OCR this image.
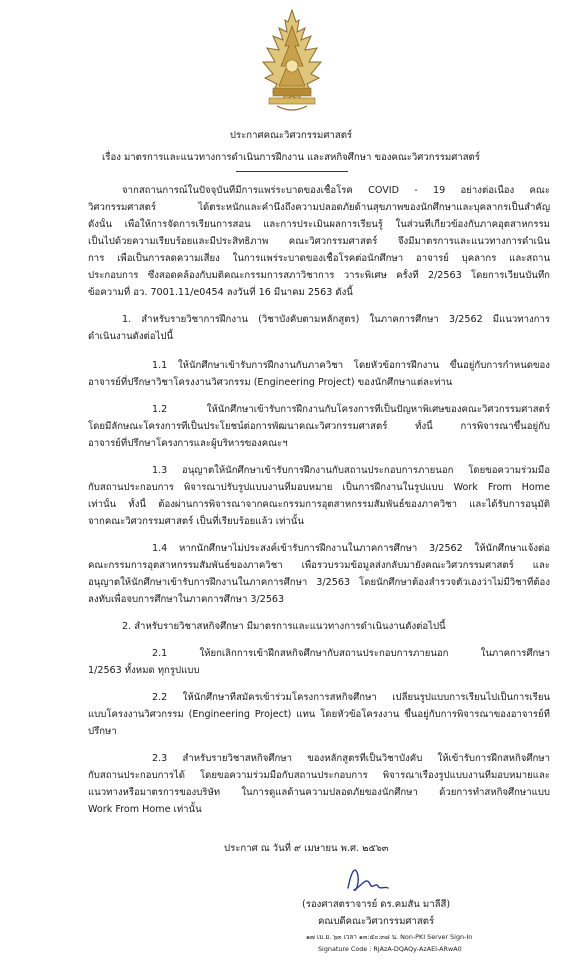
ประกาศคณะวิศวกรรมศาสตร์
เรื่อง มาตรการและแนวทางการดำเนินการฝึกงาน และสหกิจศึกษา ของคณะวิศวกรรมศาสตร์
จากสถานการณ์ในปัจจุบันที่มีการแพร่ระบาดของเชื้อโรค COVID - 19 อย่างต่อเนื่อง คณะ
วิศวกรรมศาสตร์ ได้ตระหนักและคำนึงถึงความปลอดภัยด้านสุขภาพของนักศึกษาและบุคลากรเป็นสำคัญ
ดังนั้น เพื่อให้การจัดการเรียนการสอน และการประเมินผลการเรียนรู้ ในส่วนที่เกี่ยวข้องกับภาคอุตสาหกรรม
เป็นไปด้วยความเรียบร้อยและมีประสิทธิภาพ คณะวิศวกรรมศาสตร์ จึงมีมาตรการและแนวทางการดำเนิน
การ เพื่อเป็นการลดความเสี่ยง ในการแพร่ระบาดของเชื้อโรคต่อนักศึกษา อาจารย์ บุคลากร และสถาน
ประกอบการ ซึ่งสอดคล้องกับมติคณะกรรมการสภาวิชาการ วาระพิเศษ ครั้งที่ 2/2563 โดยการเวียนบันทึก
ข้อความที่ อว. 7001.11/e0454 ลงวันที่ 16 มีนาคม 2563 ดังนี้
1. สำหรับรายวิชาการฝึกงาน (วิชาบังคับตามหลักสูตร) ในภาคการศึกษา 3/2562 มีแนวทางการ
ดำเนินงานดังต่อไปนี้
1.1 ให้นักศึกษาเข้ารับการฝึกงานกับภาควิชา โดยหัวข้อการฝึกงาน ขึ้นอยู่กับการกำหนดของ
อาจารย์ที่ปรึกษาวิชาโครงงานวิศวกรรม (Engineering Project) ของนักศึกษาแต่ละท่าน
1.2 ให้นักศึกษาเข้ารับการฝึกงานกับโครงการที่เป็นปัญหาพิเศษของคณะวิศวกรรมศาสตร์
โดยมีลักษณะโครงการที่เป็นประโยชน์ต่อการพัฒนาคณะวิศวกรรมศาสตร์ ทั้งนี้ การพิจารณาขึ้นอยู่กับ
อาจารย์ที่ปรึกษาโครงการและผู้บริหารของคณะฯ
1.3 อนุญาตให้นักศึกษาเข้ารับการฝึกงานกับสถานประกอบการภายนอก โดยขอความร่วมมือ
กับสถานประกอบการ พิจารณาปรับรูปแบบงานที่มอบหมาย เป็นการฝึกงานในรูปแบบ Work From Home
เท่านั้น ทั้งนี้ ต้องผ่านการพิจารณาจากคณะกรรมการอุตสาหกรรมสัมพันธ์ของภาควิชา และได้รับการอนุมัติ
จากคณะวิศวกรรมศาสตร์ เป็นที่เรียบร้อยแล้ว เท่านั้น
1.4 หากนักศึกษาไม่ประสงค์เข้ารับการฝึกงานในภาคการศึกษา 3/2562 ให้นักศึกษาแจ้งต่อ
คณะกรรมการอุตสาหกรรมสัมพันธ์ของภาควิชา เพื่อรวบรวมข้อมูลส่งกลับมายังคณะวิศวกรรมศาสตร์ และ
อนุญาตให้นักศึกษาเข้ารับการฝึกงานในภาคการศึกษา 3/2563 โดยนักศึกษาต้องสำรวจตัวเองว่าไม่มีวิชาที่ต้อง
ลงทับเพื่อจบการศึกษาในภาคการศึกษา 3/2563
2. สำหรับรายวิชาสหกิจศึกษา มีมาตรการและแนวทางการดำเนินงานดังต่อไปนี้
2.1 ให้ยกเลิกการเข้าฝึกสหกิจศึกษากับสถานประกอบการภายนอก ในภาคการศึกษา
1/2563 ทั้งหมด ทุกรูปแบบ
2.2 ให้นักศึกษาที่สมัครเข้าร่วมโครงการสหกิจศึกษา เปลี่ยนรูปแบบการเรียนไปเป็นการเรียน
แบบโครงงานวิศวกรรม (Engineering Project) แทน โดยหัวข้อโครงงาน ขึ้นอยู่กับการพิจารณาของอาจารย์ที่
ปรึกษา
2.3 สำหรับรายวิชาสหกิจศึกษา ของหลักสูตรที่เป็นวิชาบังคับ ให้เข้ารับการฝึกสหกิจศึกษา
กับสถานประกอบการได้ โดยขอความร่วมมือกับสถานประกอบการ พิจารณาเรื่องรูปแบบงานที่มอบหมายและ
แนวทางหรือมาตรการของบริษัท ในการดูแลด้านความปลอดภัยของนักศึกษา ด้วยการทำสหกิจศึกษาแบบ
Work From Home เท่านั้น
ประกาศ ณ วันที่ ๙ เมษายน พ.ศ. ๒๕๖๓
(รองศาสตราจารย์ ดร.คมสัน มาลีสี)
คณบดีคณะวิศวกรรมศาสตร์
๑๗ เม.ย. ๖๓ เวลา ๑๓:๕๐:๓๘ น. Non-PKI Server Sign-In
Signature Code : RjAzA-DQAQy-AzAEI-ARwA0
